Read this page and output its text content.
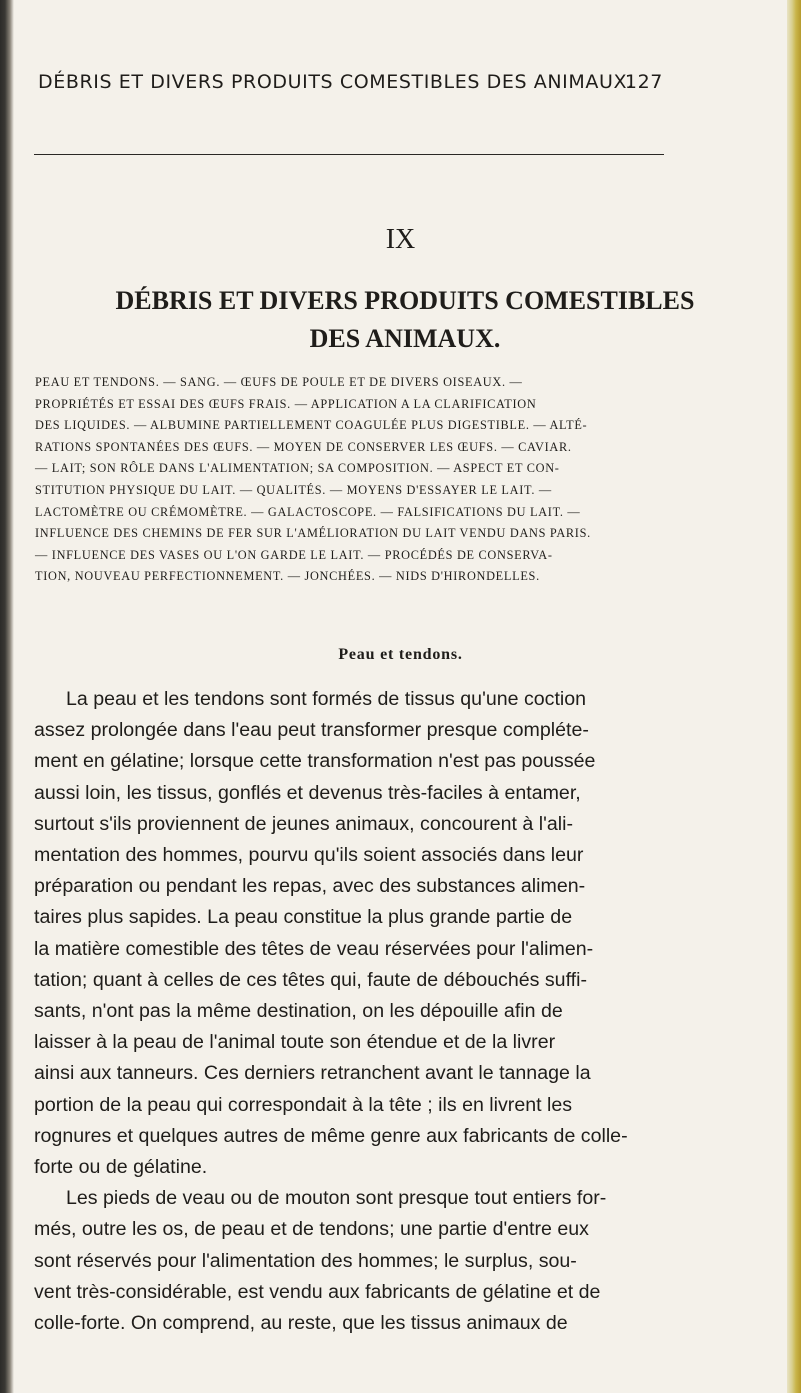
DÉBRIS ET DIVERS PRODUITS COMESTIBLES DES ANIMAUX.
127
IX
DÉBRIS ET DIVERS PRODUITS COMESTIBLES
DES ANIMAUX.
PEAU ET TENDONS. — SANG. — ŒUFS DE POULE ET DE DIVERS OISEAUX. —
PROPRIÉTÉS ET ESSAI DES ŒUFS FRAIS. — APPLICATION A LA CLARIFICATION
DES LIQUIDES. — ALBUMINE PARTIELLEMENT COAGULÉE PLUS DIGESTIBLE. — ALTÉ-
RATIONS SPONTANÉES DES ŒUFS. — MOYEN DE CONSERVER LES ŒUFS. — CAVIAR.
— LAIT; SON RÔLE DANS L'ALIMENTATION; SA COMPOSITION. — ASPECT ET CON-
STITUTION PHYSIQUE DU LAIT. — QUALITÉS. — MOYENS D'ESSAYER LE LAIT. —
LACTOMÈTRE OU CRÉMOMÈTRE. — GALACTOSCOPE. — FALSIFICATIONS DU LAIT. —
INFLUENCE DES CHEMINS DE FER SUR L'AMÉLIORATION DU LAIT VENDU DANS PARIS.
— INFLUENCE DES VASES OU L'ON GARDE LE LAIT. — PROCÉDÉS DE CONSERVA-
TION, NOUVEAU PERFECTIONNEMENT. — JONCHÉES. — NIDS D'HIRONDELLES.
Peau et tendons.
La peau et les tendons sont formés de tissus qu'une coction
assez prolongée dans l'eau peut transformer presque compléte-
ment en gélatine; lorsque cette transformation n'est pas poussée
aussi loin, les tissus, gonflés et devenus très-faciles à entamer,
surtout s'ils proviennent de jeunes animaux, concourent à l'ali-
mentation des hommes, pourvu qu'ils soient associés dans leur
préparation ou pendant les repas, avec des substances alimen-
taires plus sapides. La peau constitue la plus grande partie de
la matière comestible des têtes de veau réservées pour l'alimen-
tation; quant à celles de ces têtes qui, faute de débouchés suffi-
sants, n'ont pas la même destination, on les dépouille afin de
laisser à la peau de l'animal toute son étendue et de la livrer
ainsi aux tanneurs. Ces derniers retranchent avant le tannage la
portion de la peau qui correspondait à la tête ; ils en livrent les
rognures et quelques autres de même genre aux fabricants de colle-
forte ou de gélatine.
Les pieds de veau ou de mouton sont presque tout entiers for-
més, outre les os, de peau et de tendons; une partie d'entre eux
sont réservés pour l'alimentation des hommes; le surplus, sou-
vent très-considérable, est vendu aux fabricants de gélatine et de
colle-forte. On comprend, au reste, que les tissus animaux de
